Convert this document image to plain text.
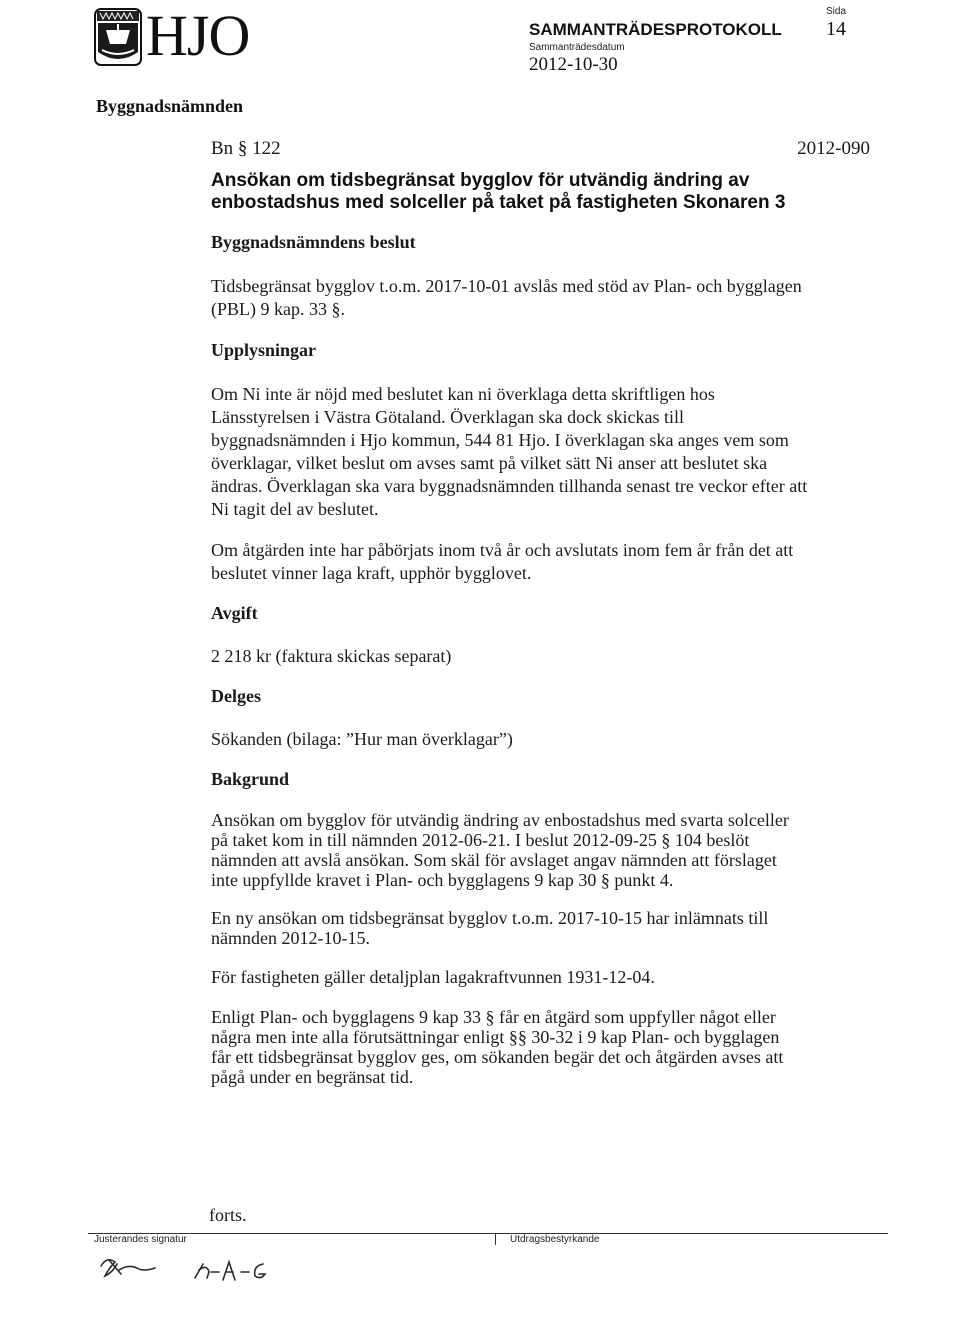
HJO	SAMMANTRÄDESPROTOKOLL
Sammanträdesdatum
2012-10-30
Sida
14
Byggnadsnämnden
Bn § 122	2012-090
Ansökan om tidsbegränsat bygglov för utvändig ändring av
enbostadshus med solceller på taket på fastigheten Skonaren 3
Byggnadsnämndens beslut
Tidsbegränsat bygglov t.o.m. 2017-10-01 avslås med stöd av Plan- och bygglagen
(PBL) 9 kap. 33 §.
Upplysningar
Om Ni inte är nöjd med beslutet kan ni överklaga detta skriftligen hos
Länsstyrelsen i Västra Götaland. Överklagan ska dock skickas till
byggnadsnämnden i Hjo kommun, 544 81 Hjo. I överklagan ska anges vem som
överklagar, vilket beslut om avses samt på vilket sätt Ni anser att beslutet ska
ändras. Överklagan ska vara byggnadsnämnden tillhanda senast tre veckor efter att
Ni tagit del av beslutet.
Om åtgärden inte har påbörjats inom två år och avslutats inom fem år från det att
beslutet vinner laga kraft, upphör bygglovet.
Avgift
2 218 kr (faktura skickas separat)
Delges
Sökanden (bilaga: ”Hur man överklagar”)
Bakgrund
Ansökan om bygglov för utvändig ändring av enbostadshus med svarta solceller
på taket kom in till nämnden 2012-06-21. I beslut 2012-09-25 § 104 beslöt
nämnden att avslå ansökan. Som skäl för avslaget angav nämnden att förslaget
inte uppfyllde kravet i Plan- och bygglagens 9 kap 30 § punkt 4.
En ny ansökan om tidsbegränsat bygglov t.o.m. 2017-10-15 har inlämnats till
nämnden 2012-10-15.
För fastigheten gäller detaljplan lagakraftvunnen 1931-12-04.
Enligt Plan- och bygglagens 9 kap 33 § får en åtgärd som uppfyller något eller
några men inte alla förutsättningar enligt §§ 30-32 i 9 kap Plan- och bygglagen
får ett tidsbegränsat bygglov ges, om sökanden begär det och åtgärden avses att
pågå under en begränsat tid.
forts.
Justerandes signatur	Utdragsbestyrkande
